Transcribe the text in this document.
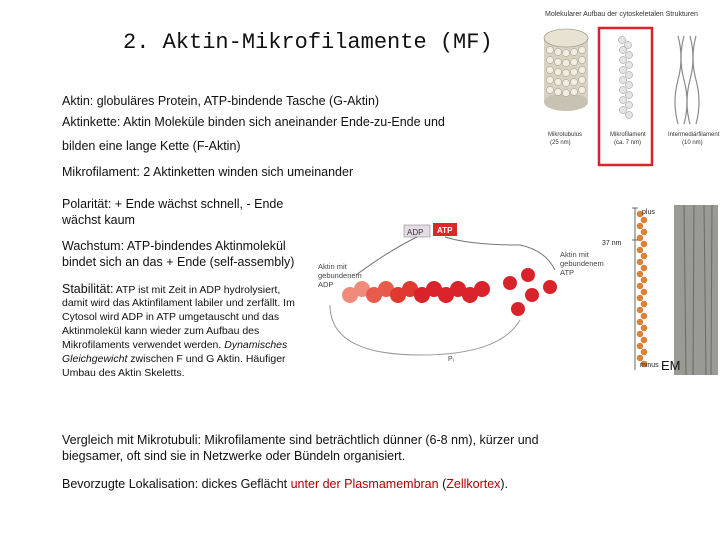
2. Aktin-Mikrofilamente (MF)
Aktin: globuläres Protein, ATP-bindende Tasche (G-Aktin)
Aktinkette: Aktin Moleküle binden sich aneinander Ende-zu-Ende und
bilden eine lange Kette (F-Aktin)
Mikrofilament: 2 Aktinketten winden sich umeinander
Polarität: + Ende wächst schnell, - Ende
wächst kaum
Wachstum: ATP-bindendes Aktinmolekül
bindet sich an das + Ende (self-assembly)
Stabilität: ATP ist mit Zeit in ADP hydrolysiert,
damit wird das Aktinfilament labiler und zerfällt. Im
Cytosol wird ADP in ATP umgetauscht und das
Aktinmolekül kann wieder zum Aufbau des
Mikrofilaments verwendet werden. Dynamisches
Gleichgewicht zwischen F und G Aktin. Häufiger
Umbau des Aktin Skeletts.
Vergleich mit Mikrotubuli: Mikrofilamente sind beträchtlich dünner (6-8 nm), kürzer und
biegsamer, oft sind sie in Netzwerke oder Bündeln organisiert.
Bevorzugte Lokalisation: dickes Geflächt unter der Plasmamembran (Zellkortex).
Molekularer Aufbau der cytoskeletalen Strukturen
Mikrotubulus
(25 nm)
Mikrofilament
(ca. 7 nm)
Intermediärfilament
(10 nm)
ADP ATP
Aktin mit
gebundenem
ADP
Aktin mit
gebundenem
ATP
Pᵢ
plus
37 nm
minus EM
